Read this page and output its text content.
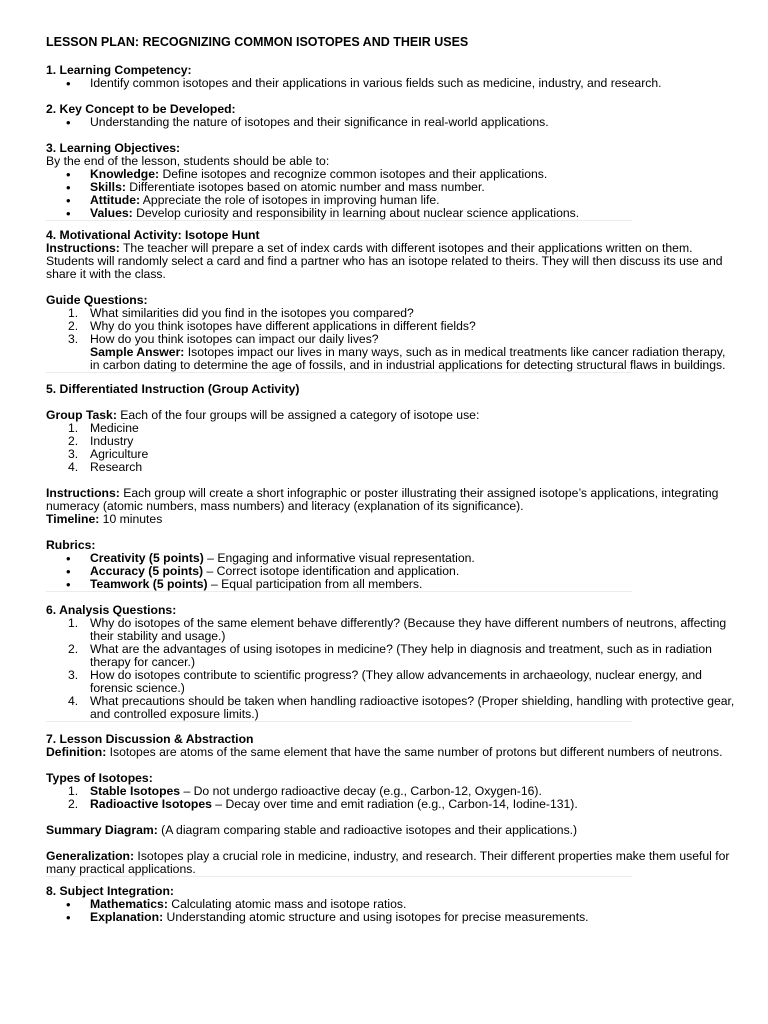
LESSON PLAN: RECOGNIZING COMMON ISOTOPES AND THEIR USES

1. Learning Competency:

• Identify common isotopes and their applications in various fields such as medicine, industry, and research.

2. Key Concept to be Developed:

• Understanding the nature of isotopes and their significance in real-world applications.

3. Learning Objectives:

By the end of the lesson, students should be able to:

• Knowledge: Define isotopes and recognize common isotopes and their applications.
• Skills: Differentiate isotopes based on atomic number and mass number.
• Attitude: Appreciate the role of isotopes in improving human life.
• Values: Develop curiosity and responsibility in learning about nuclear science applications.

4. Motivational Activity: Isotope Hunt

Instructions: The teacher will prepare a set of index cards with different isotopes and their applications written on them. Students will randomly select a card and find a partner who has an isotope related to theirs. They will then discuss its use and share it with the class.

Guide Questions:

1. What similarities did you find in the isotopes you compared?
2. Why do you think isotopes have different applications in different fields?
3. How do you think isotopes can impact our daily lives?

Sample Answer: Isotopes impact our lives in many ways, such as in medical treatments like cancer radiation therapy, in carbon dating to determine the age of fossils, and in industrial applications for detecting structural flaws in buildings.

5. Differentiated Instruction (Group Activity)

Group Task: Each of the four groups will be assigned a category of isotope use:

1. Medicine
2. Industry
3. Agriculture
4. Research

Instructions: Each group will create a short infographic or poster illustrating their assigned isotope’s applications, integrating numeracy (atomic numbers, mass numbers) and literacy (explanation of its significance).

Timeline: 10 minutes

Rubrics:

• Creativity (5 points) – Engaging and informative visual representation.
• Accuracy (5 points) – Correct isotope identification and application.
• Teamwork (5 points) – Equal participation from all members.

6. Analysis Questions:

1. Why do isotopes of the same element behave differently? (Because they have different numbers of neutrons, affecting their stability and usage.)
2. What are the advantages of using isotopes in medicine? (They help in diagnosis and treatment, such as in radiation therapy for cancer.)
3. How do isotopes contribute to scientific progress? (They allow advancements in archaeology, nuclear energy, and forensic science.)
4. What precautions should be taken when handling radioactive isotopes? (Proper shielding, handling with protective gear, and controlled exposure limits.)

7. Lesson Discussion & Abstraction

Definition: Isotopes are atoms of the same element that have the same number of protons but different numbers of neutrons.

Types of Isotopes:

1. Stable Isotopes – Do not undergo radioactive decay (e.g., Carbon-12, Oxygen-16).
2. Radioactive Isotopes – Decay over time and emit radiation (e.g., Carbon-14, Iodine-131).

Summary Diagram: (A diagram comparing stable and radioactive isotopes and their applications.)

Generalization: Isotopes play a crucial role in medicine, industry, and research. Their different properties make them useful for many practical applications.

8. Subject Integration:

• Mathematics: Calculating atomic mass and isotope ratios.
• Explanation: Understanding atomic structure and using isotopes for precise measurements.
